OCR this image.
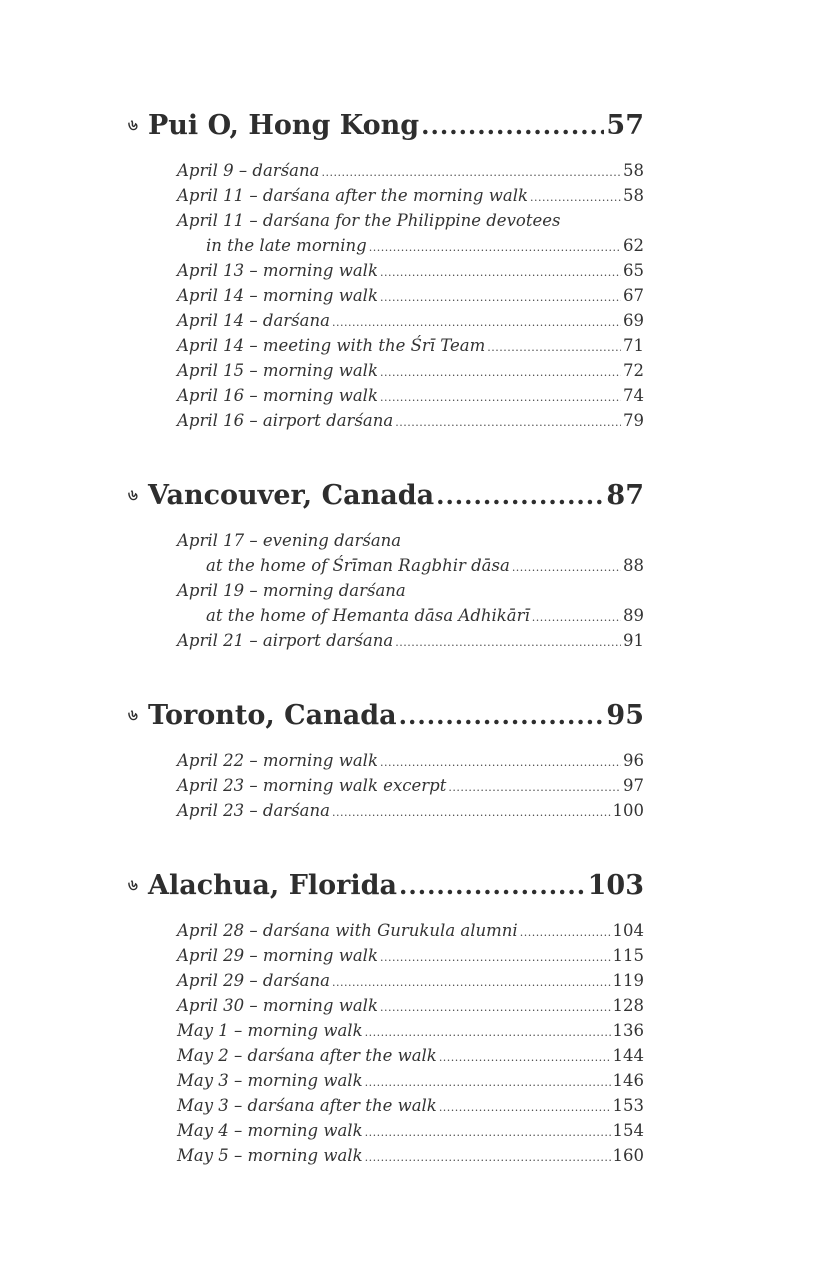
৬ Pui O, Hong Kong .....	57
April 9 – darśana .....	58
April 11 – darśana after the morning walk .....	58
April 11 – darśana for the Philippine devotees
in the late morning .....	62
April 13 – morning walk .....	65
April 14 – morning walk .....	67
April 14 – darśana .....	69
April 14 – meeting with the Śrī Team .....	71
April 15 – morning walk .....	72
April 16 – morning walk .....	74
April 16 – airport darśana .....	79
৬ Vancouver, Canada .....	87
April 17 – evening darśana
at the home of Śrīman Ragbhir dāsa .....	88
April 19 – morning darśana
at the home of Hemanta dāsa Adhikārī .....	89
April 21 – airport darśana .....	91
৬ Toronto, Canada .....	95
April 22 – morning walk .....	96
April 23 – morning walk excerpt .....	97
April 23 – darśana .....	100
৬ Alachua, Florida .....	103
April 28 – darśana with Gurukula alumni .....	104
April 29 – morning walk .....	115
April 29 – darśana .....	119
April 30 – morning walk .....	128
May 1 – morning walk .....	136
May 2 – darśana after the walk .....	144
May 3 – morning walk .....	146
May 3 – darśana after the walk .....	153
May 4 – morning walk .....	154
May 5 – morning walk .....	160
